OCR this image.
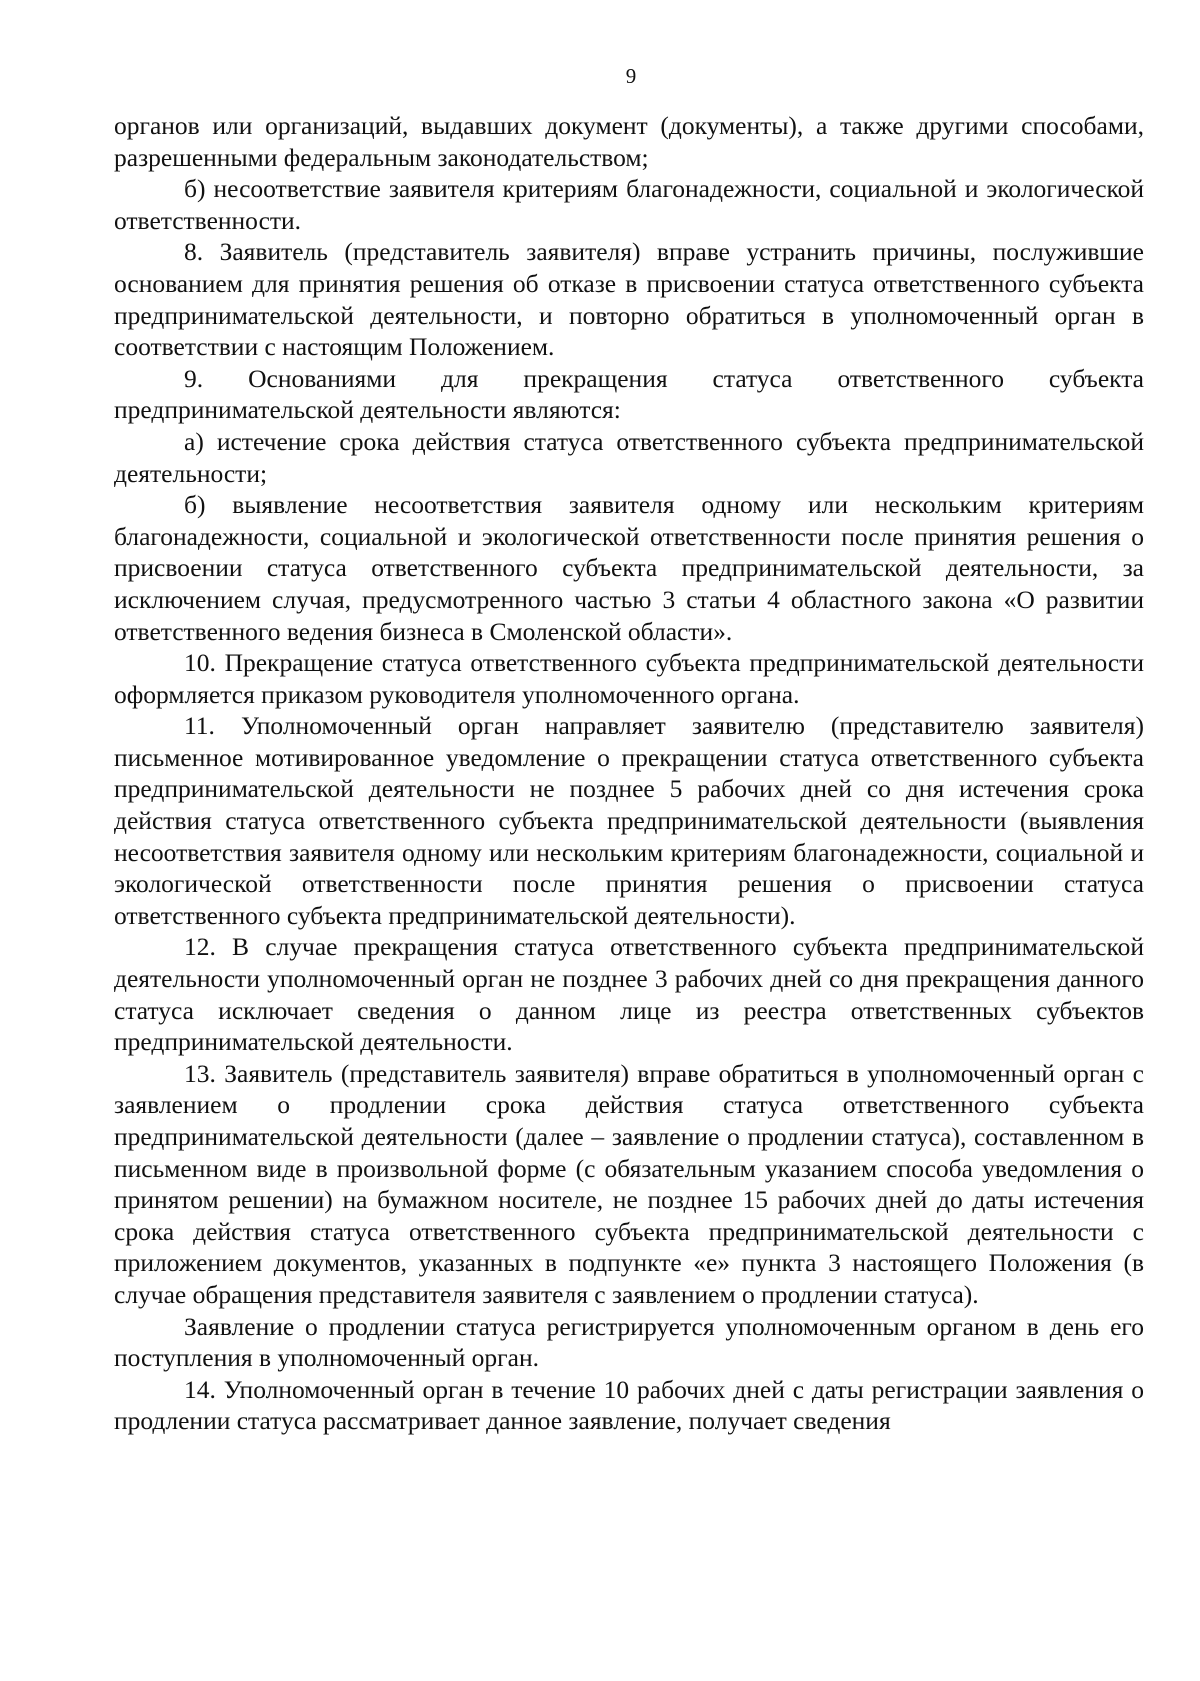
9

органов или организаций, выдавших документ (документы), а также другими способами, разрешенными федеральным законодательством;

б) несоответствие заявителя критериям благонадежности, социальной и экологической ответственности.

8. Заявитель (представитель заявителя) вправе устранить причины, послужившие основанием для принятия решения об отказе в присвоении статуса ответственного субъекта предпринимательской деятельности, и повторно обратиться в уполномоченный орган в соответствии с настоящим Положением.

9. Основаниями для прекращения статуса ответственного субъекта предпринимательской деятельности являются:

а) истечение срока действия статуса ответственного субъекта предпринимательской деятельности;

б) выявление несоответствия заявителя одному или нескольким критериям благонадежности, социальной и экологической ответственности после принятия решения о присвоении статуса ответственного субъекта предпринимательской деятельности, за исключением случая, предусмотренного частью 3 статьи 4 областного закона «О развитии ответственного ведения бизнеса в Смоленской области».

10. Прекращение статуса ответственного субъекта предпринимательской деятельности оформляется приказом руководителя уполномоченного органа.

11. Уполномоченный орган направляет заявителю (представителю заявителя) письменное мотивированное уведомление о прекращении статуса ответственного субъекта предпринимательской деятельности не позднее 5 рабочих дней со дня истечения срока действия статуса ответственного субъекта предпринимательской деятельности (выявления несоответствия заявителя одному или нескольким критериям благонадежности, социальной и экологической ответственности после принятия решения о присвоении статуса ответственного субъекта предпринимательской деятельности).

12. В случае прекращения статуса ответственного субъекта предпринимательской деятельности уполномоченный орган не позднее 3 рабочих дней со дня прекращения данного статуса исключает сведения о данном лице из реестра ответственных субъектов предпринимательской деятельности.

13. Заявитель (представитель заявителя) вправе обратиться в уполномоченный орган с заявлением о продлении срока действия статуса ответственного субъекта предпринимательской деятельности (далее – заявление о продлении статуса), составленном в письменном виде в произвольной форме (с обязательным указанием способа уведомления о принятом решении) на бумажном носителе, не позднее 15 рабочих дней до даты истечения срока действия статуса ответственного субъекта предпринимательской деятельности с приложением документов, указанных в подпункте «е» пункта 3 настоящего Положения (в случае обращения представителя заявителя с заявлением о продлении статуса).

Заявление о продлении статуса регистрируется уполномоченным органом в день его поступления в уполномоченный орган.

14. Уполномоченный орган в течение 10 рабочих дней с даты регистрации заявления о продлении статуса рассматривает данное заявление, получает сведения
